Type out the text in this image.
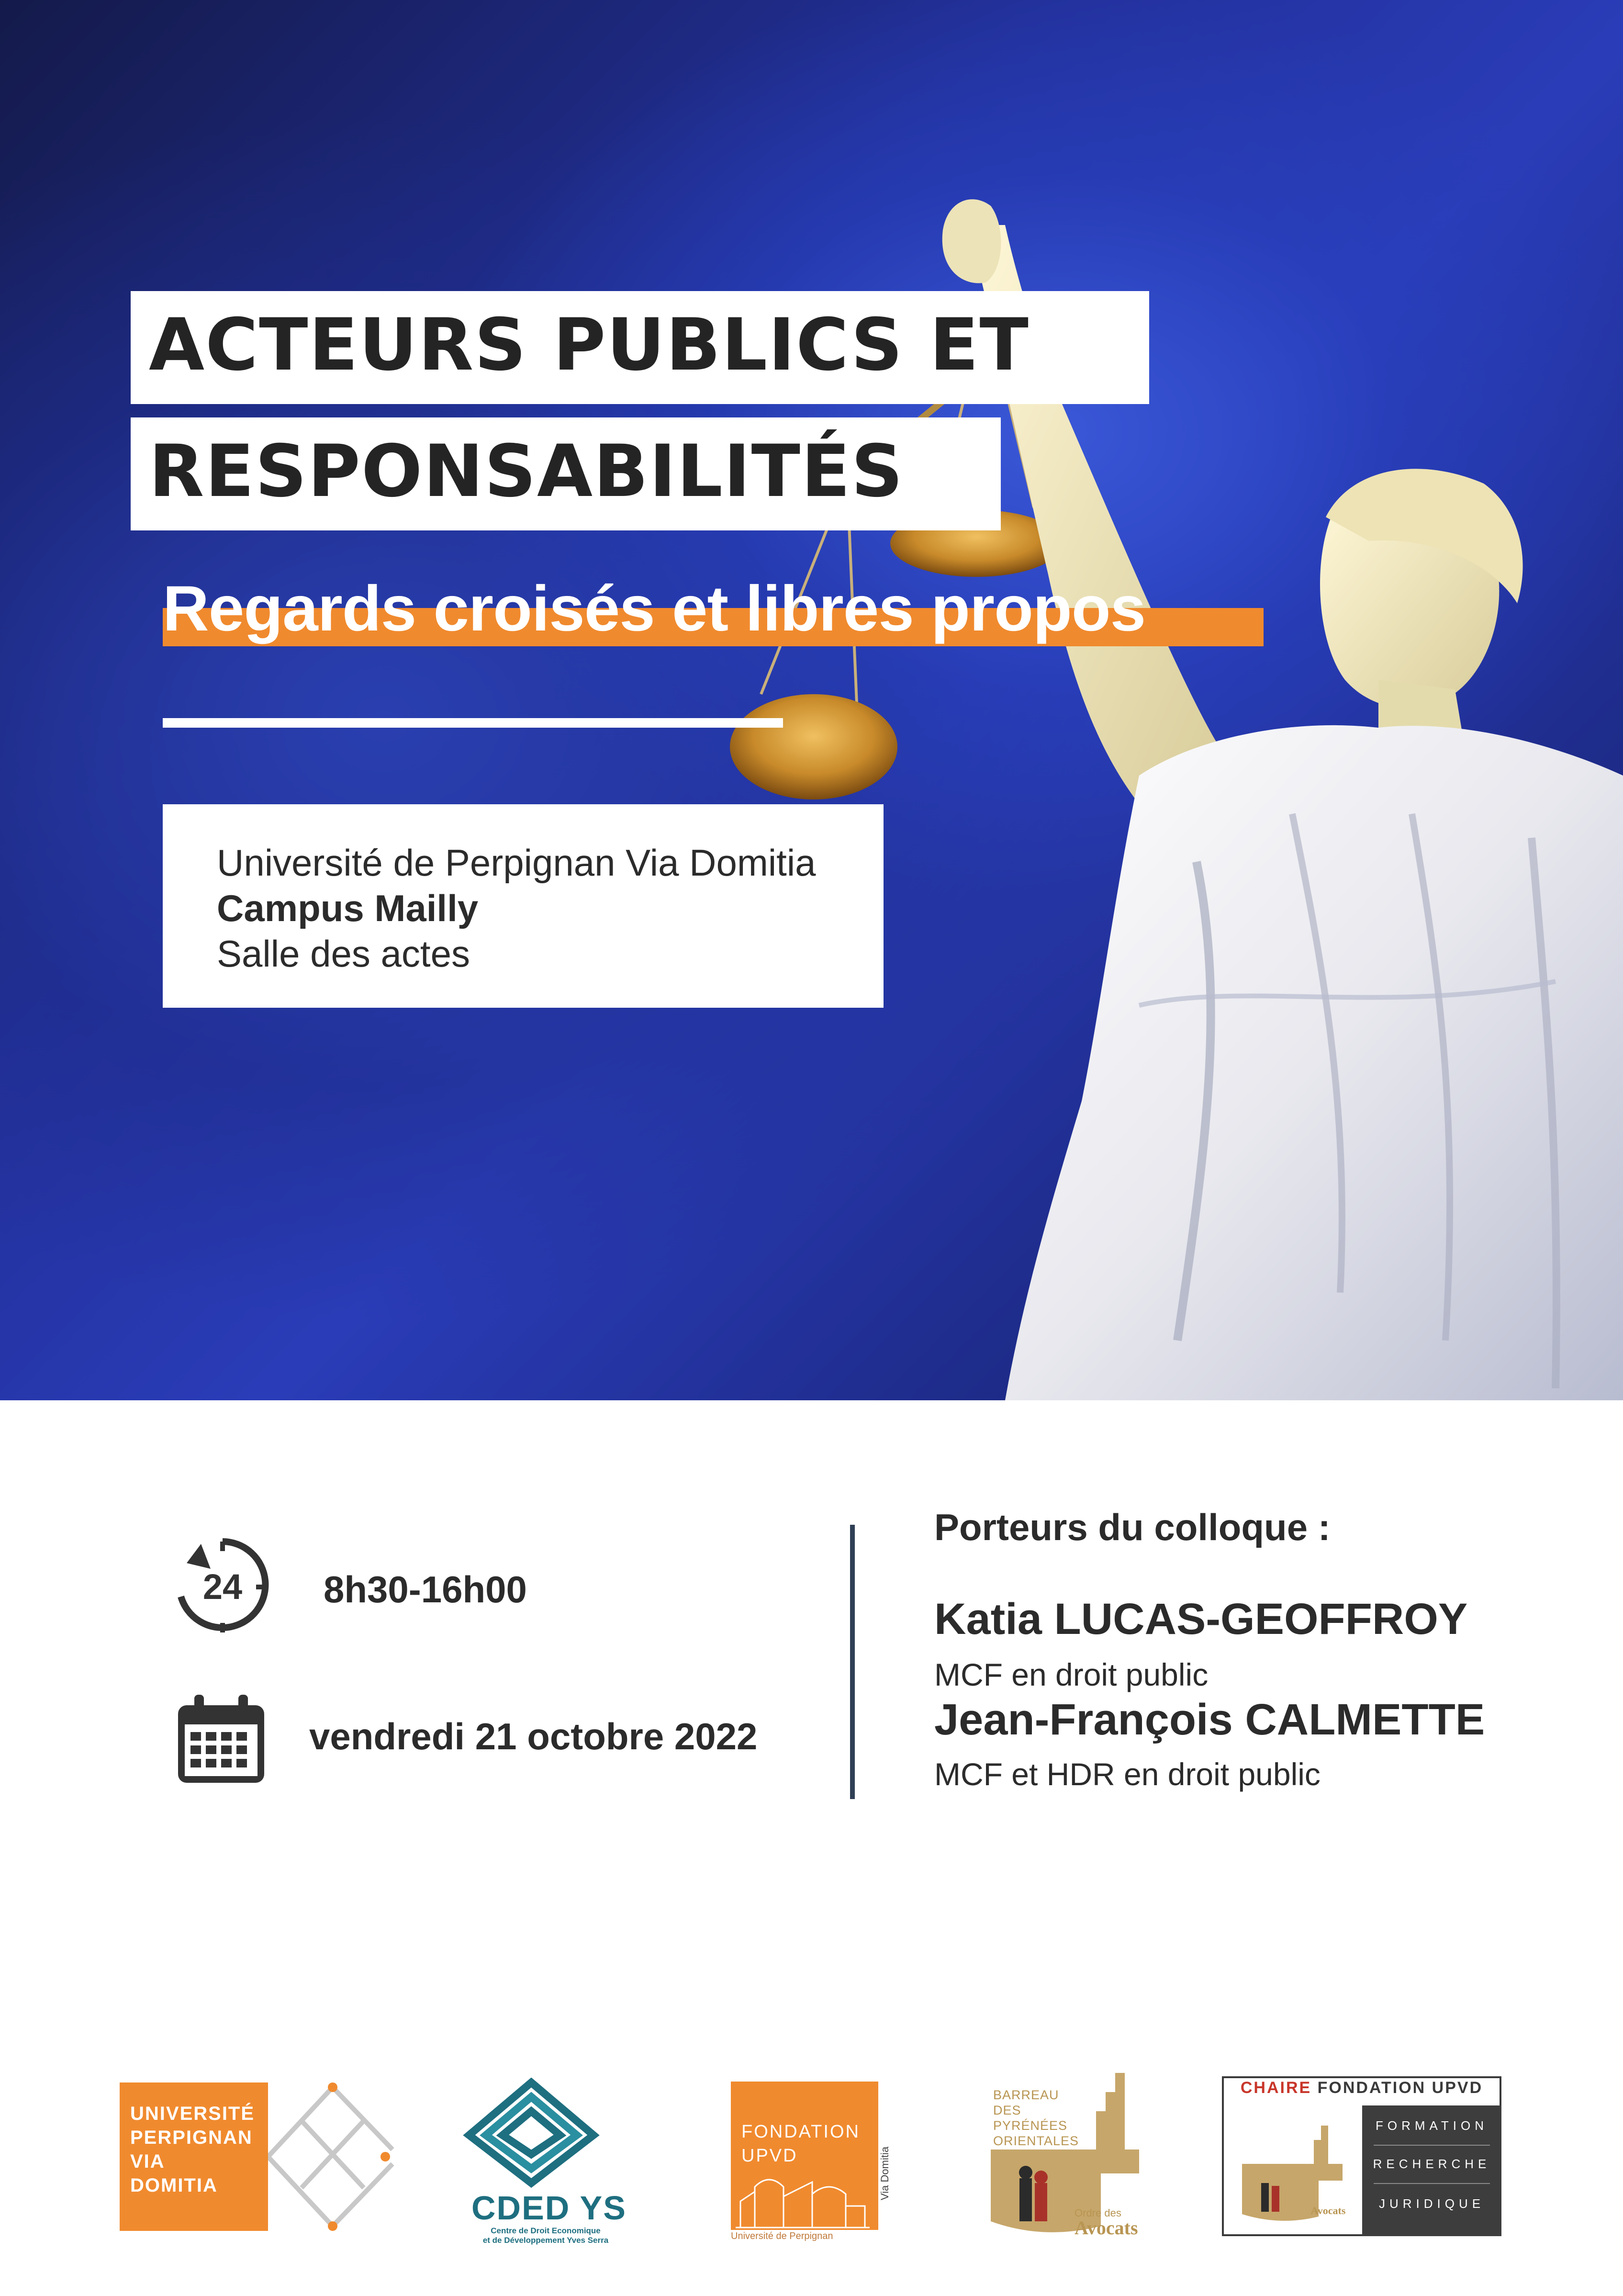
ACTEURS PUBLICS ET
RESPONSABILITÉS
Regards croisés et libres propos
Université de Perpignan Via Domitia
Campus Mailly
Salle des actes
24 8h30-16h00
vendredi 21 octobre 2022
Porteurs du colloque :
Katia LUCAS-GEOFFROY
MCF en droit public
Jean-François CALMETTE
MCF et HDR en droit public
UNIVERSITÉ
PERPIGNAN
VIA
DOMITIA
CDED YS
Centre de Droit Economique
et de Développement Yves Serra

FONDATION
UPVD	Via Domitia
Université de Perpignan
BARREAU DES
PYRÉNÉES
ORIENTALES
Ordre des
Avocats
CHAIRE FONDATION UPVD
Avocats
FORMATION
RECHERCHE
JURIDIQUE
